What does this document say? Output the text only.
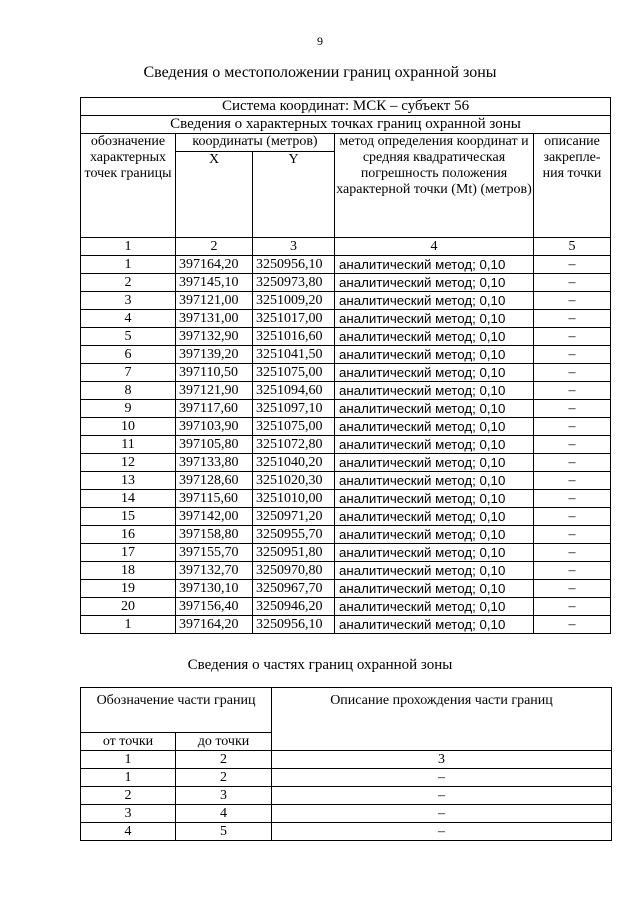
9
Сведения о местоположении границ охранной зоны
Система координат: МСК – субъект 56				
Сведения о характерных точках границ охранной зоны				
обозначение характерных точек границы	координаты (метров)		метод определения координат и средняя квадратическая погрешность положения характерной точки (Mt) (метров)	описание закрепле-ния точки
	X	Y		
1	2	3	4	5
1	397164,20	3250956,10	аналитический метод; 0,10	–
2	397145,10	3250973,80	аналитический метод; 0,10	–
3	397121,00	3251009,20	аналитический метод; 0,10	–
4	397131,00	3251017,00	аналитический метод; 0,10	–
5	397132,90	3251016,60	аналитический метод; 0,10	–
6	397139,20	3251041,50	аналитический метод; 0,10	–
7	397110,50	3251075,00	аналитический метод; 0,10	–
8	397121,90	3251094,60	аналитический метод; 0,10	–
9	397117,60	3251097,10	аналитический метод; 0,10	–
10	397103,90	3251075,00	аналитический метод; 0,10	–
11	397105,80	3251072,80	аналитический метод; 0,10	–
12	397133,80	3251040,20	аналитический метод; 0,10	–
13	397128,60	3251020,30	аналитический метод; 0,10	–
14	397115,60	3251010,00	аналитический метод; 0,10	–
15	397142,00	3250971,20	аналитический метод; 0,10	–
16	397158,80	3250955,70	аналитический метод; 0,10	–
17	397155,70	3250951,80	аналитический метод; 0,10	–
18	397132,70	3250970,80	аналитический метод; 0,10	–
19	397130,10	3250967,70	аналитический метод; 0,10	–
20	397156,40	3250946,20	аналитический метод; 0,10	–
1	397164,20	3250956,10	аналитический метод; 0,10	–
Сведения о частях границ охранной зоны
Обозначение части границ		Описание прохождения части границ
от точки	до точки	
1	2	3
1	2	–
2	3	–
3	4	–
4	5	–
